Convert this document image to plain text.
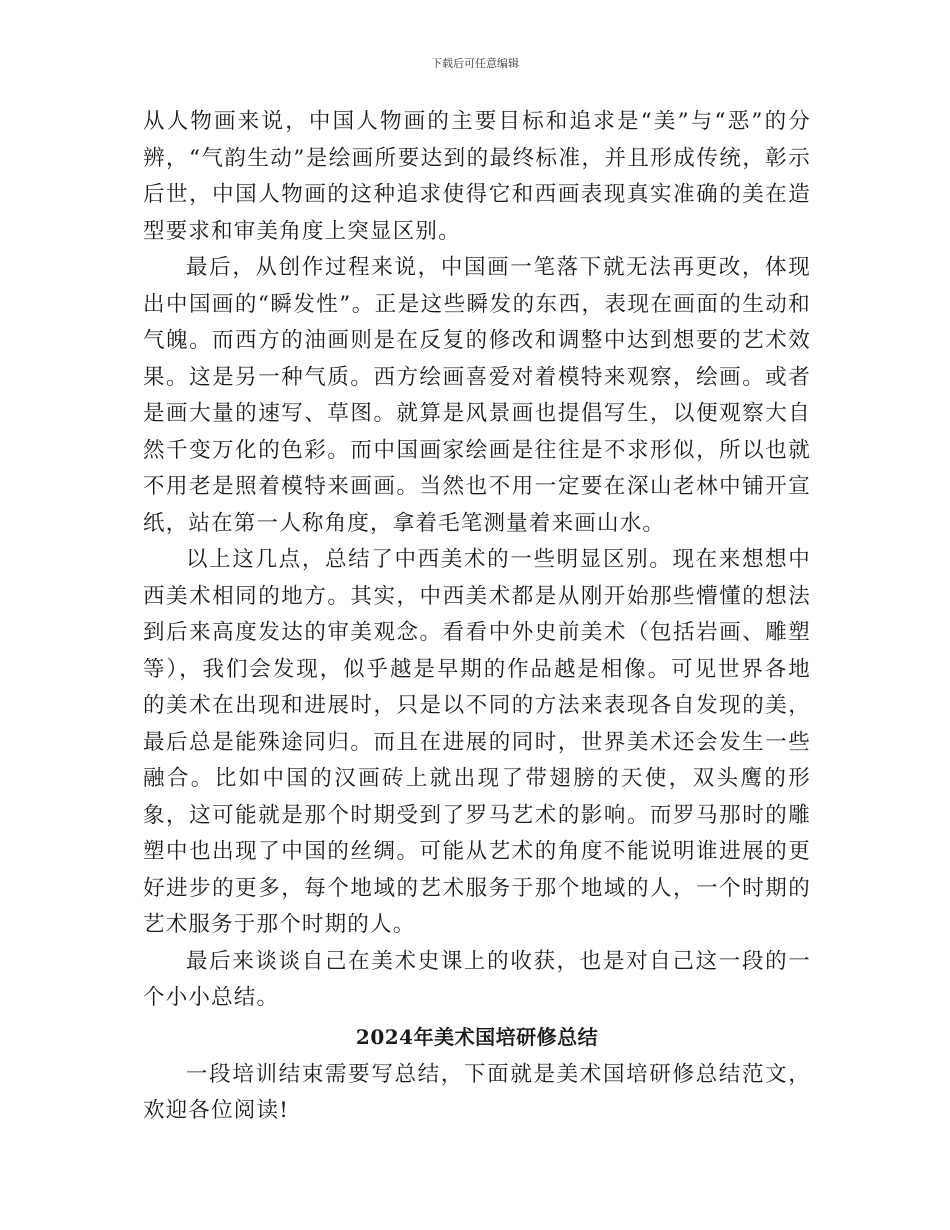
下载后可任意编辑

从人物画来说，中国人物画的主要目标和追求是“美”与“恶”的分辨，“气韵生动”是绘画所要达到的最终标准，并且形成传统，彰示后世，中国人物画的这种追求使得它和西画表现真实准确的美在造型要求和审美角度上突显区别。

最后，从创作过程来说，中国画一笔落下就无法再更改，体现出中国画的“瞬发性”。正是这些瞬发的东西，表现在画面的生动和气魄。而西方的油画则是在反复的修改和调整中达到想要的艺术效果。这是另一种气质。西方绘画喜爱对着模特来观察，绘画。或者是画大量的速写、草图。就算是风景画也提倡写生，以便观察大自然千变万化的色彩。而中国画家绘画是往往是不求形似，所以也就不用老是照着模特来画画。当然也不用一定要在深山老林中铺开宣纸，站在第一人称角度，拿着毛笔测量着来画山水。

以上这几点，总结了中西美术的一些明显区别。现在来想想中西美术相同的地方。其实，中西美术都是从刚开始那些懵懂的想法到后来高度发达的审美观念。看看中外史前美术（包括岩画、雕塑等），我们会发现，似乎越是早期的作品越是相像。可见世界各地的美术在出现和进展时，只是以不同的方法来表现各自发现的美，最后总是能殊途同归。而且在进展的同时，世界美术还会发生一些融合。比如中国的汉画砖上就出现了带翅膀的天使，双头鹰的形象，这可能就是那个时期受到了罗马艺术的影响。而罗马那时的雕塑中也出现了中国的丝绸。可能从艺术的角度不能说明谁进展的更好进步的更多，每个地域的艺术服务于那个地域的人，一个时期的艺术服务于那个时期的人。

最后来谈谈自己在美术史课上的收获，也是对自己这一段的一个小小总结。

2024年美术国培研修总结

一段培训结束需要写总结，下面就是美术国培研修总结范文，欢迎各位阅读!
